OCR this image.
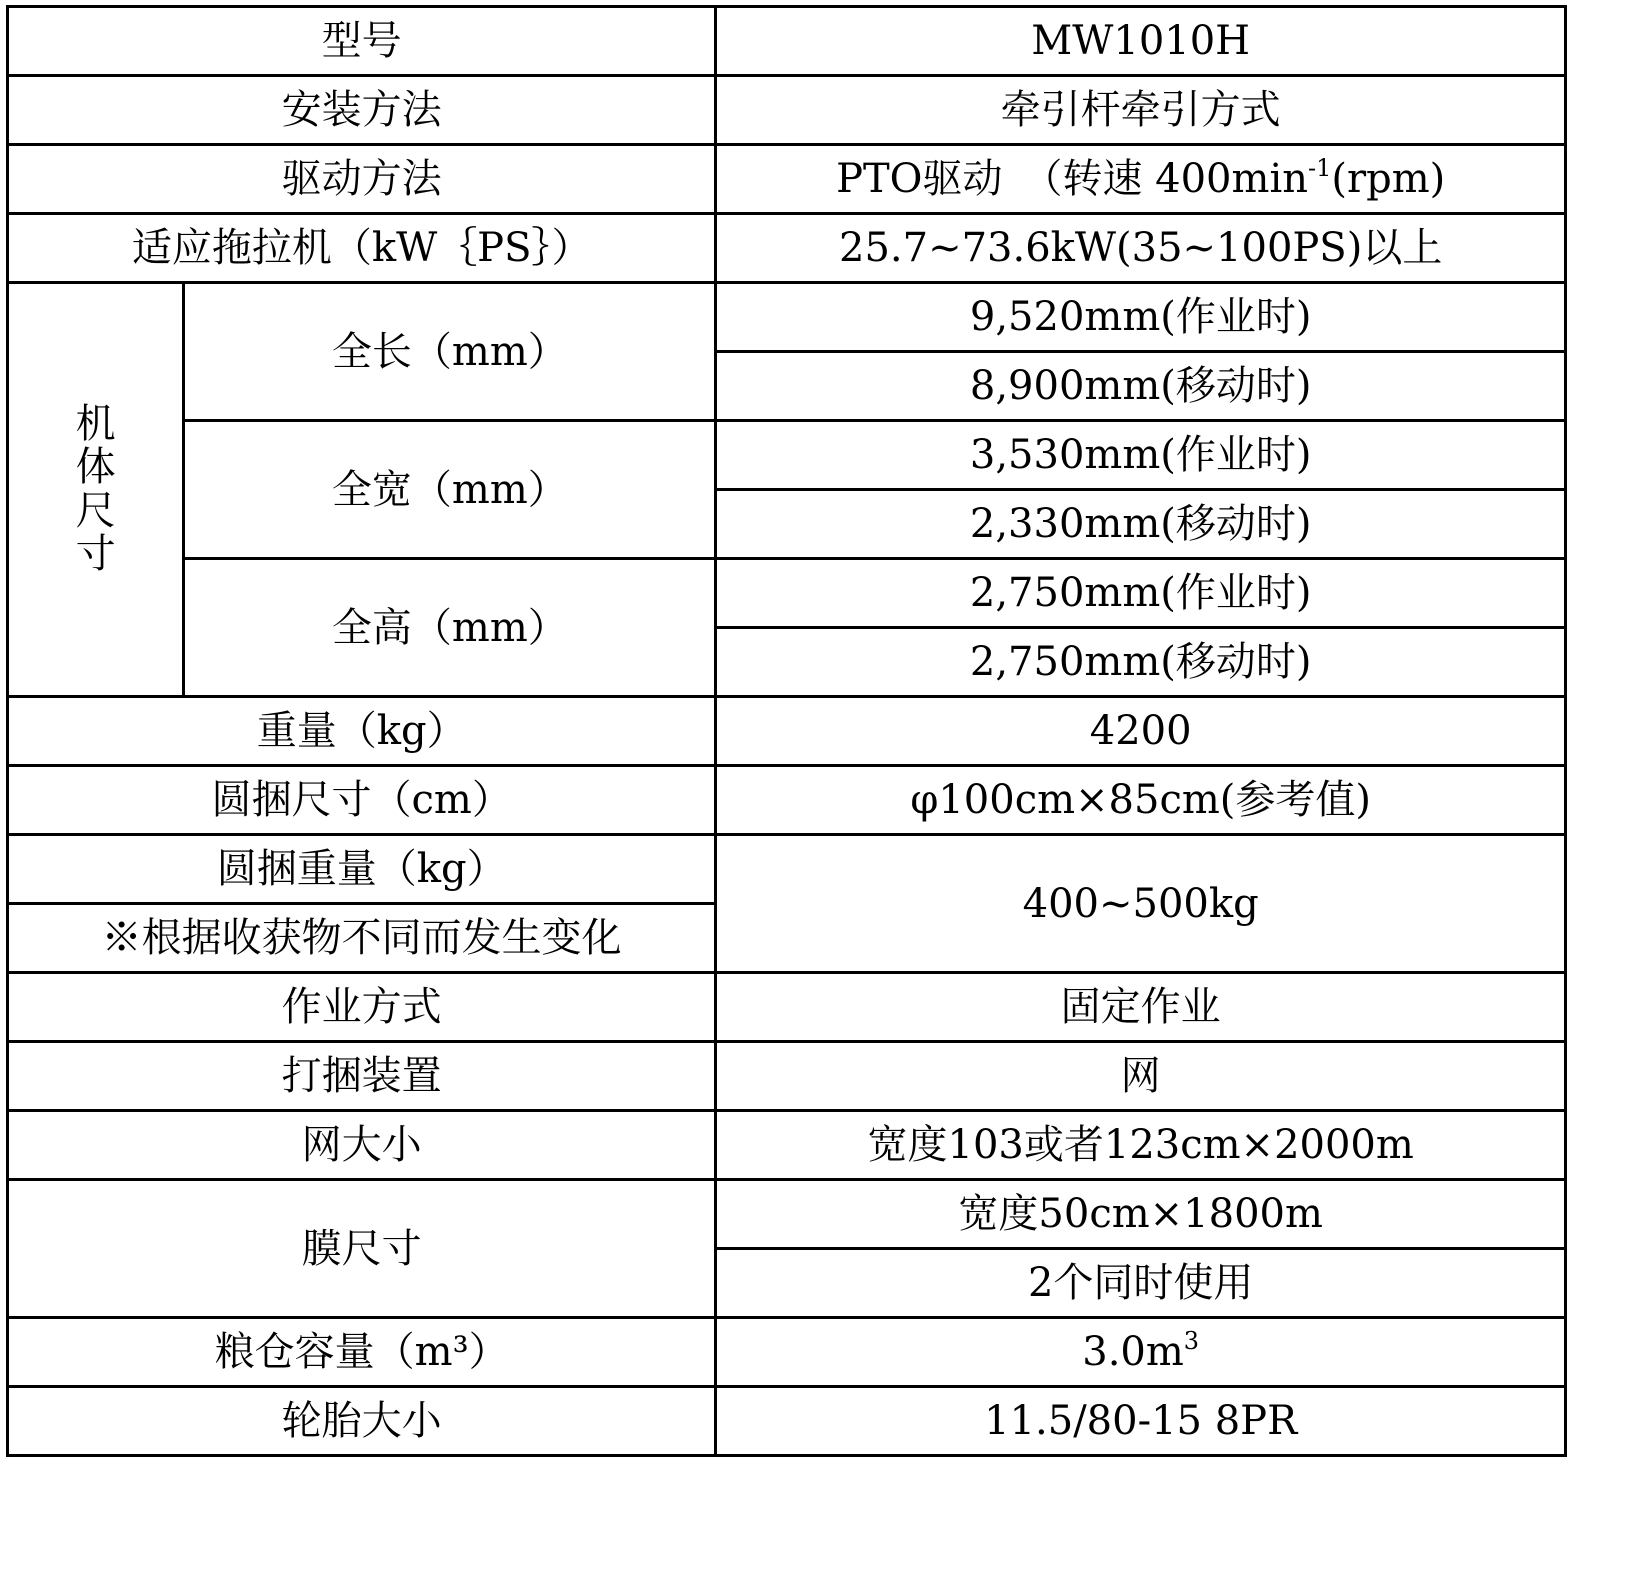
型号		MW1010H
安装方法		牵引杆牵引方式
驱动方法		PTO驱动　（转速 $400\min^{-1}(rpm)$
适应拖拉机（kW｛PS｝）		25.7~73.6kW(35~100PS)以上

机体尺寸	全长（mm）	9,520mm(作业时)
		8,900mm(移动时)
	全宽（mm）	3,530mm(作业时)
		2,330mm(移动时)
	全高（mm）	2,750mm(作业时)
		2,750mm(移动时)
重量（kg）		4200
圆捆尺寸（cm）		φ100cm×85cm(参考值)
圆捆重量（kg）		400~500kg
※根据收获物不同而发生变化		
作业方式		固定作业
打捆装置		网
网大小		宽度103或者123cm×2000m
膜尺寸		宽度50cm×1800m
		2个同时使用
粮仓容量（m³）		$3.0m^3$
轮胎大小		11.5/80-15 8PR
